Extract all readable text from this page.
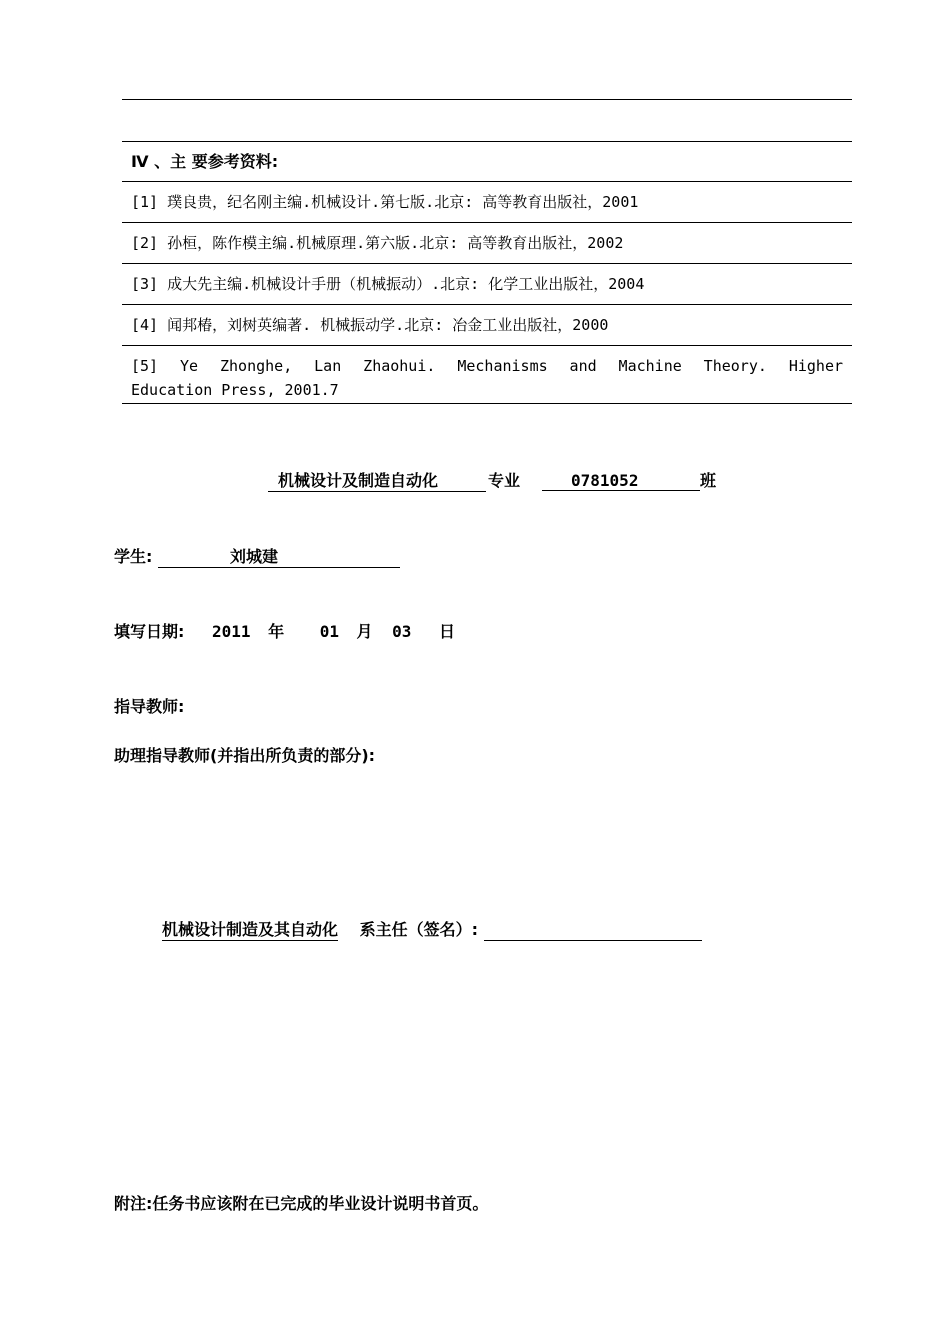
Ⅳ 、主 要参考资料:
[1] 璞良贵，纪名刚主编.机械设计.第七版.北京: 高等教育出版社，2001
[2] 孙桓，陈作模主编.机械原理.第六版.北京: 高等教育出版社，2002
[3] 成大先主编.机械设计手册（机械振动）.北京: 化学工业出版社，2004
[4] 闻邦椿，刘树英编著. 机械振动学.北京: 冶金工业出版社，2000
[5] Ye Zhonghe, Lan Zhaohui. Mechanisms and Machine Theory. Higher
Education Press, 2001.7
机械设计及制造自动化	专业	0781052	班
学生:	刘城建
填写日期: 2011 年 01 月 03 日
指导教师:
助理指导教师(并指出所负责的部分):
机械设计制造及其自动化 系主任（签名）:
附注:任务书应该附在已完成的毕业设计说明书首页。
